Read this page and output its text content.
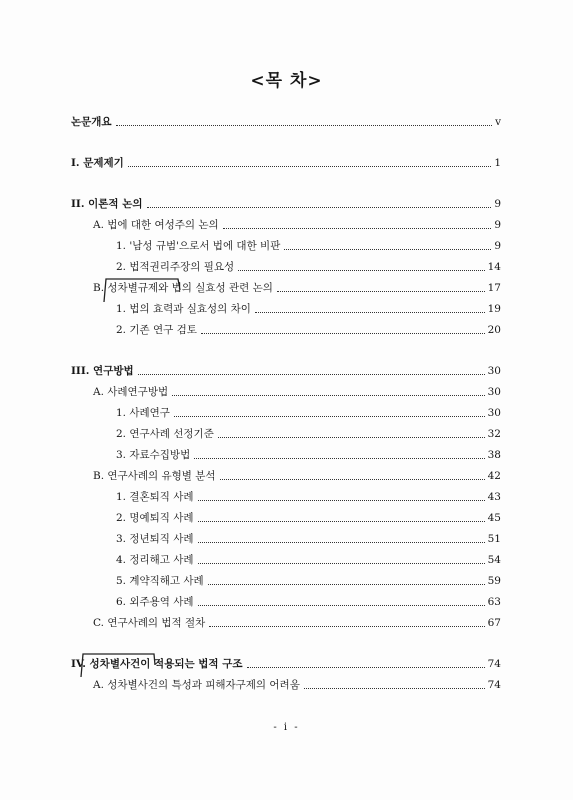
<목 차>
논문개요	v
I. 문제제기	1
II. 이론적 논의	9
A. 법에 대한 여성주의 논의	9
1. '남성 규범'으로서 법에 대한 비판	9
2. 법적권리주장의 필요성	14
B. 성차별규제와 법의 실효성 관련 논의	17
1. 법의 효력과 실효성의 차이	19
2. 기존 연구 검토	20
III. 연구방법	30
A. 사례연구방법	30
1. 사례연구	30
2. 연구사례 선정기준	32
3. 자료수집방법	38
B. 연구사례의 유형별 분석	42
1. 결혼퇴직 사례	43
2. 명예퇴직 사례	45
3. 정년퇴직 사례	51
4. 정리해고 사례	54
5. 계약직해고 사례	59
6. 외주용역 사례	63
C. 연구사례의 법적 절차	67
IV. 성차별사건이 적용되는 법적 구조	74
A. 성차별사건의 특성과 피해자구제의 어려움	74
- i -
